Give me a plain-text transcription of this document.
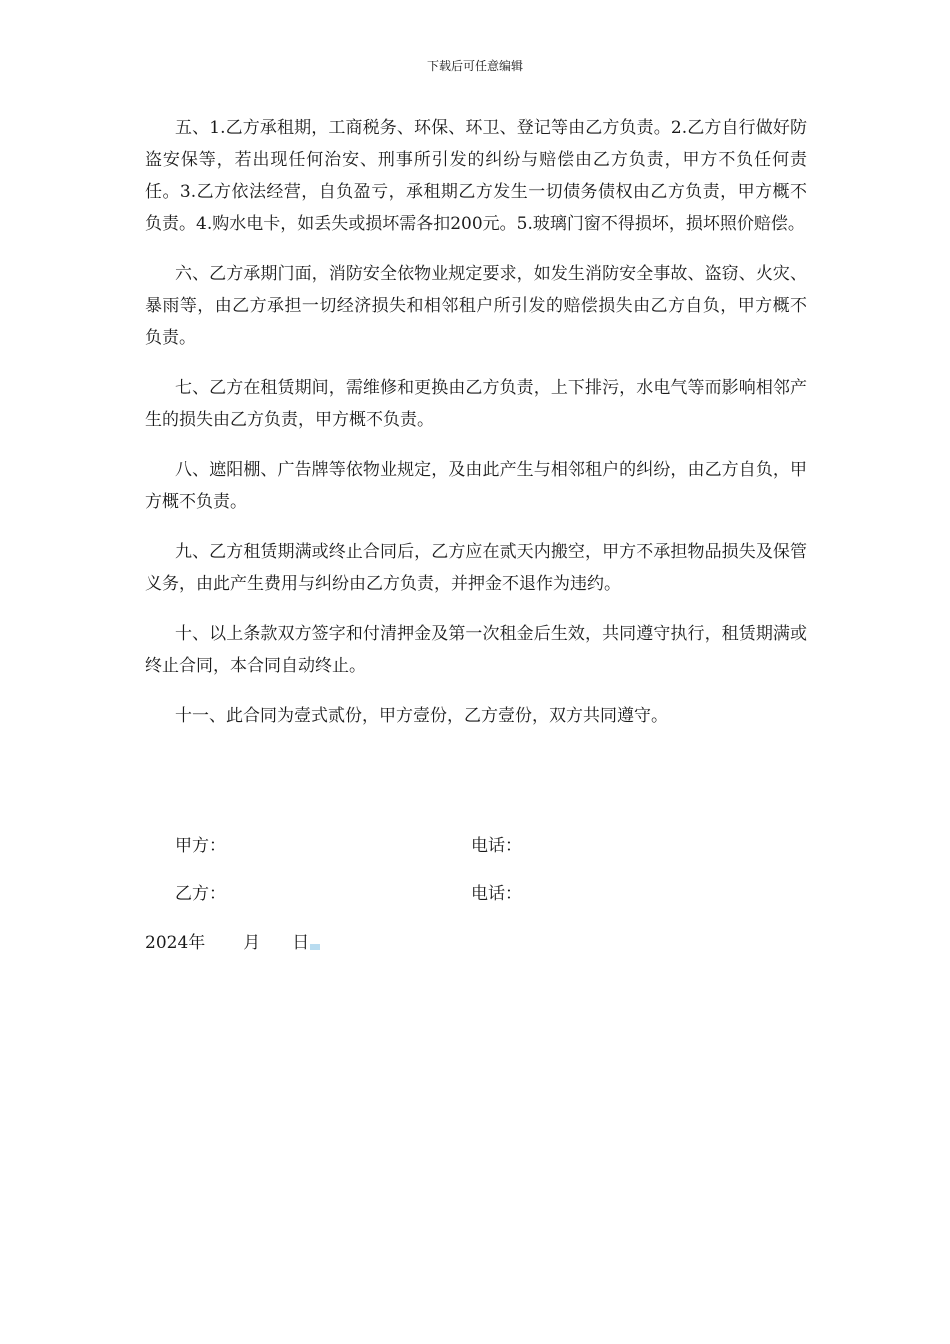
下载后可任意编辑

五、1.乙方承租期，工商税务、环保、环卫、登记等由乙方负责。2.乙方自行做好防盗安保等，若出现任何治安、刑事所引发的纠纷与赔偿由乙方负责，甲方不负任何责任。3.乙方依法经营，自负盈亏，承租期乙方发生一切债务债权由乙方负责，甲方概不负责。4.购水电卡，如丢失或损坏需各扣200元。5.玻璃门窗不得损坏，损坏照价赔偿。

六、乙方承期门面，消防安全依物业规定要求，如发生消防安全事故、盗窃、火灾、暴雨等，由乙方承担一切经济损失和相邻租户所引发的赔偿损失由乙方自负，甲方概不负责。

七、乙方在租赁期间，需维修和更换由乙方负责，上下排污，水电气等而影响相邻产生的损失由乙方负责，甲方概不负责。

八、遮阳棚、广告牌等依物业规定，及由此产生与相邻租户的纠纷，由乙方自负，甲方概不负责。

九、乙方租赁期满或终止合同后，乙方应在贰天内搬空，甲方不承担物品损失及保管义务，由此产生费用与纠纷由乙方负责，并押金不退作为违约。

十、以上条款双方签字和付清押金及第一次租金后生效，共同遵守执行，租赁期满或终止合同，本合同自动终止。

十一、此合同为壹式贰份，甲方壹份，乙方壹份，双方共同遵守。

甲方：	电话：
乙方：	电话：
2024年 月 日
